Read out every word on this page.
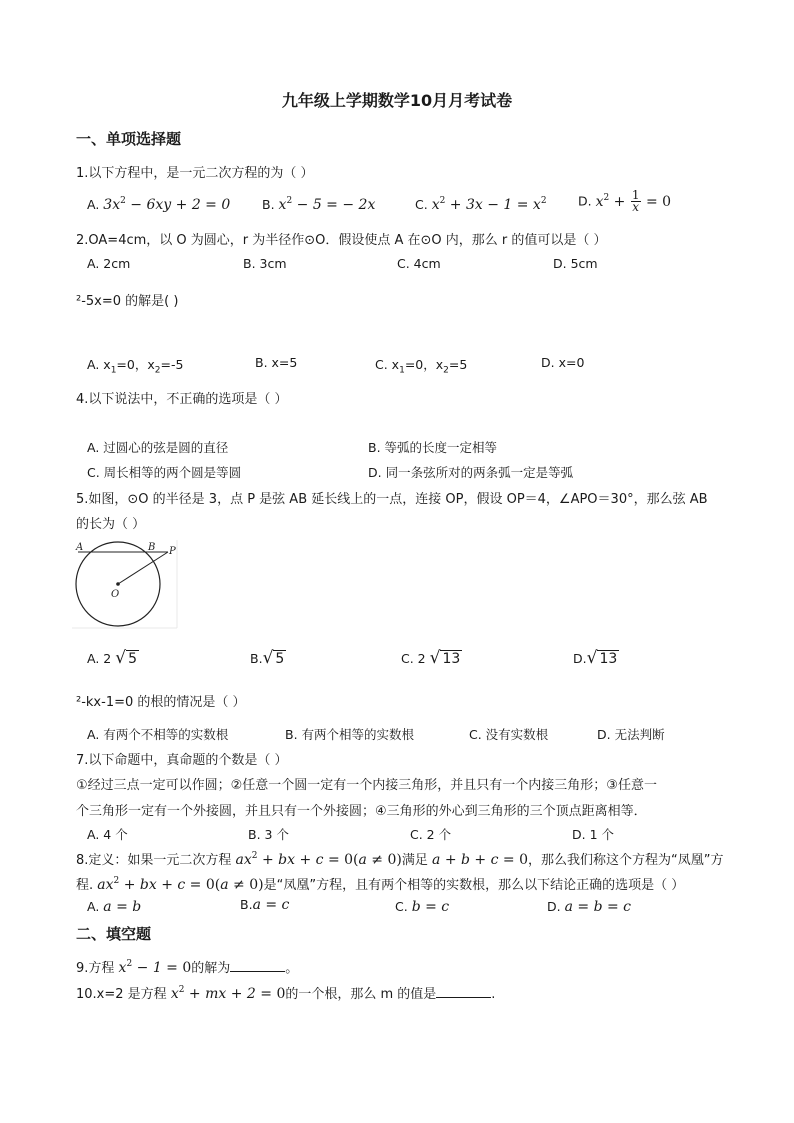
九年级上学期数学10月月考试卷
一、单项选择题
1.以下方程中，是一元二次方程的为（ ）
A. $3x^2 - 6xy + 2 = 0$	B. $x^2 - 5$ = − 2x	C. $x^2 + 3x - 1 = x^2$	D. $x^2 + \frac{1}{x} = 0$
2.OA=4cm，以 O 为圆心，r 为半径作⊙O．假设使点 A 在⊙O 内，那么 r 的值可以是（ ）
A. 2cm	B. 3cm	C. 4cm	D. 5cm
²-5x=0 的解是( )
A. $x_1=0$，$x_2=-5$	B. x=5	C. $x_1=0$，$x_2=5$	D. x=0
4.以下说法中，不正确的选项是（ ）
A. 过圆心的弦是圆的直径	B. 等弧的长度一定相等
C. 周长相等的两个圆是等圆	D. 同一条弦所对的两条弧一定是等弧
5.如图，⊙O 的半径是 3，点 P 是弦 AB 延长线上的一点，连接 OP，假设 OP＝4，∠APO＝30°，那么弦 AB
的长为（ ）
A	B P
O
A. 2 √ 5	B.√ 5	C. 2 √ 13	D.√ 13
²-kx-1=0 的根的情况是（ ）
A. 有两个不相等的实数根	B. 有两个相等的实数根	C. 没有实数根	D. 无法判断
7.以下命题中，真命题的个数是（ ）
①经过三点一定可以作圆；②任意一个圆一定有一个内接三角形，并且只有一个内接三角形；③任意一
个三角形一定有一个外接圆，并且只有一个外接圆；④三角形的外心到三角形的三个顶点距离相等．
A. 4 个	B. 3 个	C. 2 个	D. 1 个
8.定义：如果一元二次方程 $ax^2$ + bx + c = 0(a ≠ 0)满足 a + b + c = 0，那么我们称这个方程为“凤凰”方
程. $ax^2$ + bx + c = 0(a ≠ 0)是“凤凰”方程，且有两个相等的实数根，那么以下结论正确的选项是（ ）
A. a = b	B.a = c	C. b = c	D. a = b = c
二、填空题
9.方程 $x^2 - 1 = 0$的解为	。
10.x=2 是方程 $x^2$ + mx + 2 = 0的一个根，那么 m 的值是	.
